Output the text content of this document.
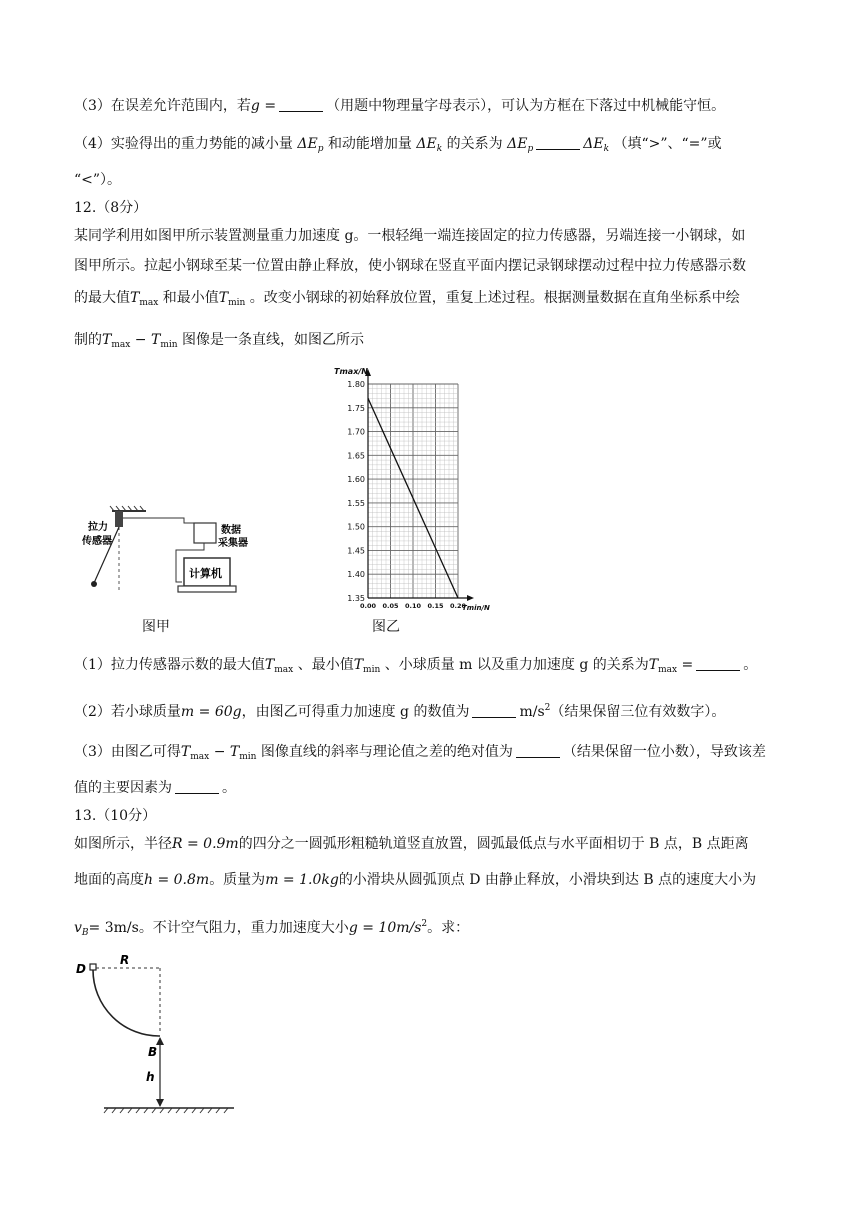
（3）在误差允许范围内，若g =	（用题中物理量字母表示），可认为方框在下落过中机械能守恒。
（4）实验得出的重力势能的减小量 $\Delta E_p$ 和动能增加量 $\Delta E_k$ 的关系为 $\Delta E_p$	$\Delta E_k$ （填“>”、“=”或
“<”）。
12.（8分）
某同学利用如图甲所示装置测量重力加速度 g。一根轻绳一端连接固定的拉力传感器，另端连接一小钢球，如
图甲所示。拉起小钢球至某一位置由静止释放，使小钢球在竖直平面内摆记录钢球摆动过程中拉力传感器示数
的最大值$T_{max}$ 和最小值$T_{min}$ 。改变小钢球的初始释放位置，重复上述过程。根据测量数据在直角坐标系中绘
制的$T_{max} - T_{min}$ 图像是一条直线，如图乙所示
拉力
传感器
数据
采集器
计算机
图甲
1.35
1.40
1.45
1.50
1.55
1.60
1.65
1.70
1.75
1.80
0.00 0.05 0.10 0.15 0.20
Tmax/N
Tmin/N
图乙
（1）拉力传感器示数的最大值$T_{max}$ 、最小值$T_{min}$ 、小球质量 m 以及重力加速度 g 的关系为$T_{max}$ =	。
（2）若小球质量m = 60g，由图乙可得重力加速度 g 的数值为	$m/s^2$（结果保留三位有效数字）。
（3）由图乙可得$T_{max} - T_{min}$ 图像直线的斜率与理论值之差的绝对值为	（结果保留一位小数），导致该差
值的主要因素为	。
13.（10分）
如图所示，半径R = 0.9m的四分之一圆弧形粗糙轨道竖直放置，圆弧最低点与水平面相切于 B 点，B 点距离
地面的高度h = 0.8m。质量为m = 1.0kg的小滑块从圆弧顶点 D 由静止释放，小滑块到达 B 点的速度大小为
$v_B= 3m/s$。不计空气阻力，重力加速度大小$g = 10m/s^2$。求：
D
R
B
h
